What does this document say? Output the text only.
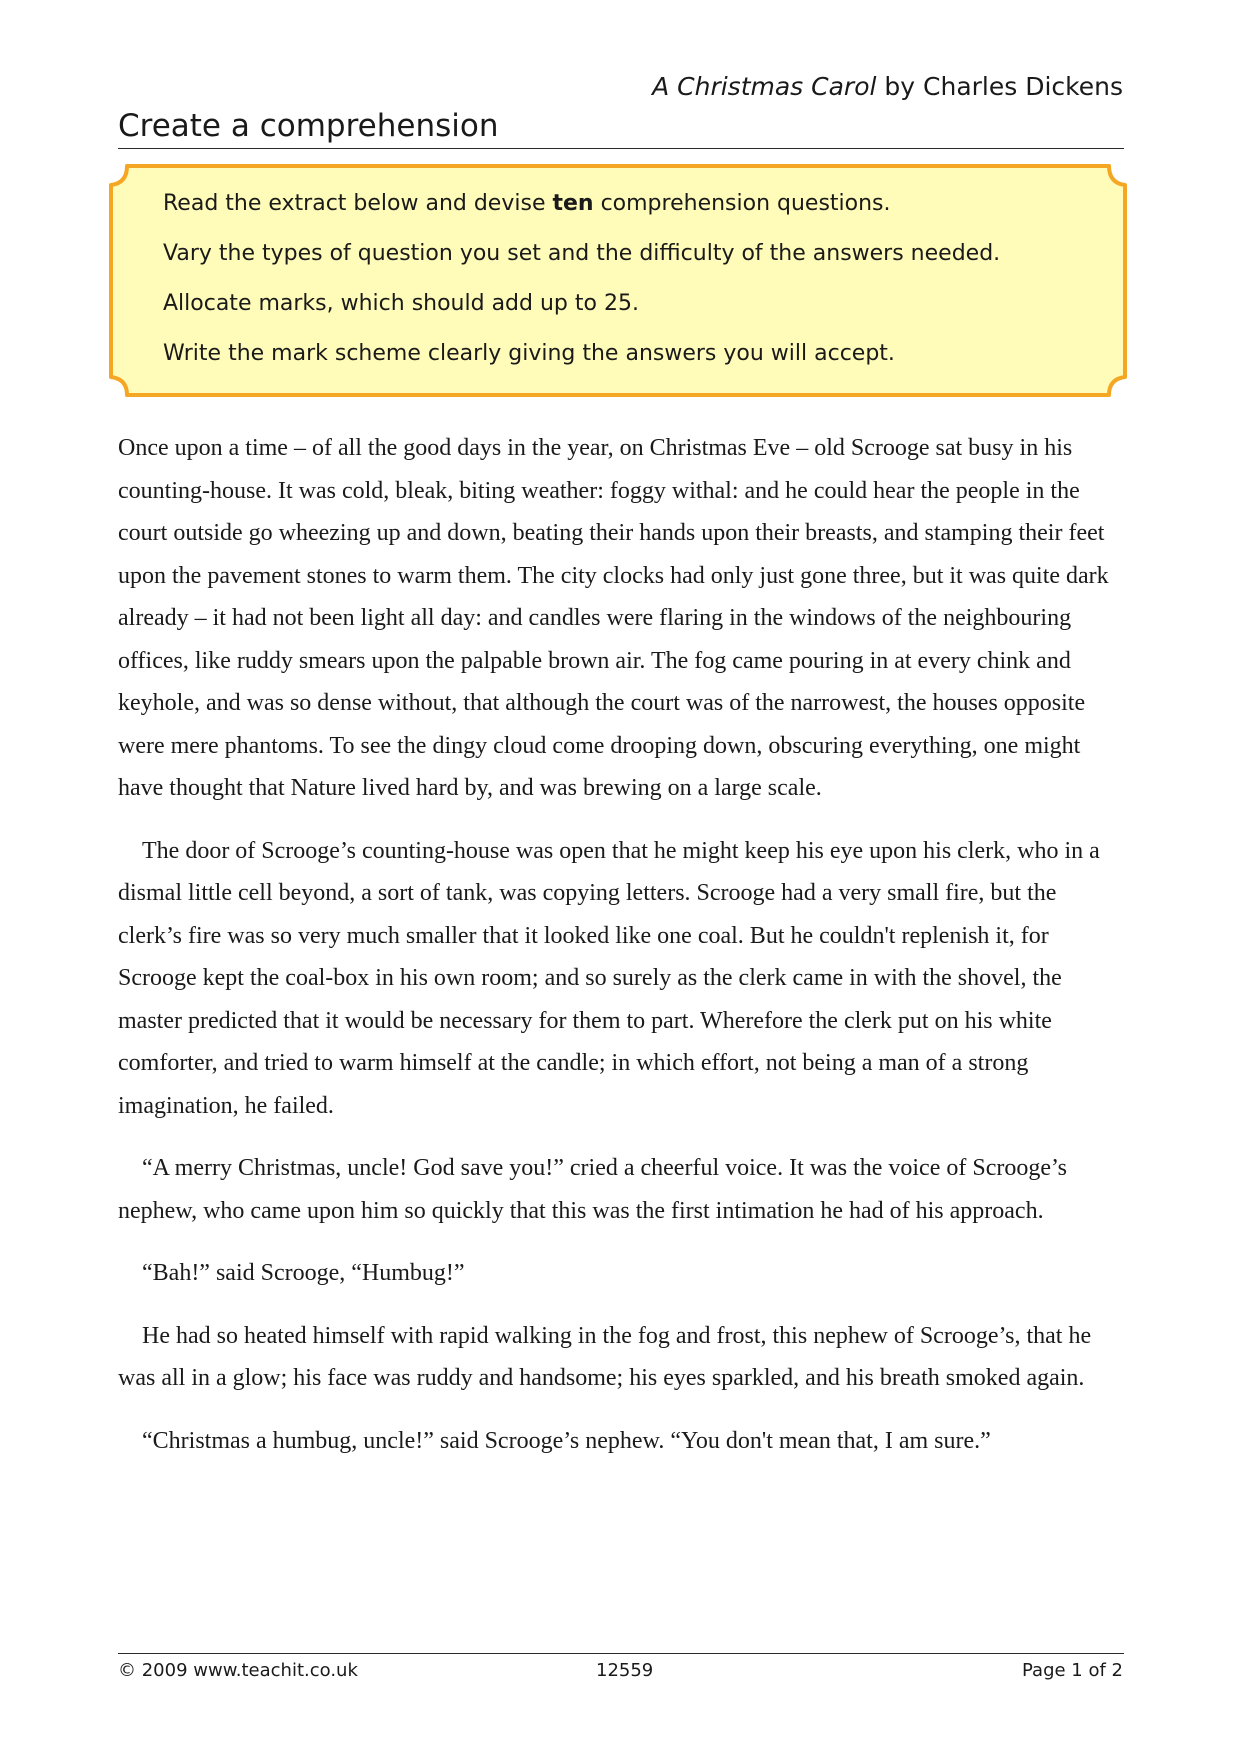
A Christmas Carol by Charles Dickens
Create a comprehension

Read the extract below and devise ten comprehension questions.

Vary the types of question you set and the difficulty of the answers needed.

Allocate marks, which should add up to 25.

Write the mark scheme clearly giving the answers you will accept.

Once upon a time – of all the good days in the year, on Christmas Eve – old Scrooge sat busy in his counting-house. It was cold, bleak, biting weather: foggy withal: and he could hear the people in the court outside go wheezing up and down, beating their hands upon their breasts, and stamping their feet upon the pavement stones to warm them. The city clocks had only just gone three, but it was quite dark already – it had not been light all day: and candles were flaring in the windows of the neighbouring offices, like ruddy smears upon the palpable brown air. The fog came pouring in at every chink and keyhole, and was so dense without, that although the court was of the narrowest, the houses opposite were mere phantoms. To see the dingy cloud come drooping down, obscuring everything, one might have thought that Nature lived hard by, and was brewing on a large scale.

The door of Scrooge’s counting-house was open that he might keep his eye upon his clerk, who in a dismal little cell beyond, a sort of tank, was copying letters. Scrooge had a very small fire, but the clerk’s fire was so very much smaller that it looked like one coal. But he couldn't replenish it, for Scrooge kept the coal-box in his own room; and so surely as the clerk came in with the shovel, the master predicted that it would be necessary for them to part. Wherefore the clerk put on his white comforter, and tried to warm himself at the candle; in which effort, not being a man of a strong imagination, he failed.

“A merry Christmas, uncle! God save you!” cried a cheerful voice. It was the voice of Scrooge’s nephew, who came upon him so quickly that this was the first intimation he had of his approach.

“Bah!” said Scrooge, “Humbug!”

He had so heated himself with rapid walking in the fog and frost, this nephew of Scrooge’s, that he was all in a glow; his face was ruddy and handsome; his eyes sparkled, and his breath smoked again.

“Christmas a humbug, uncle!” said Scrooge’s nephew. “You don't mean that, I am sure.”

© 2009 www.teachit.co.uk	12559	Page 1 of 2
